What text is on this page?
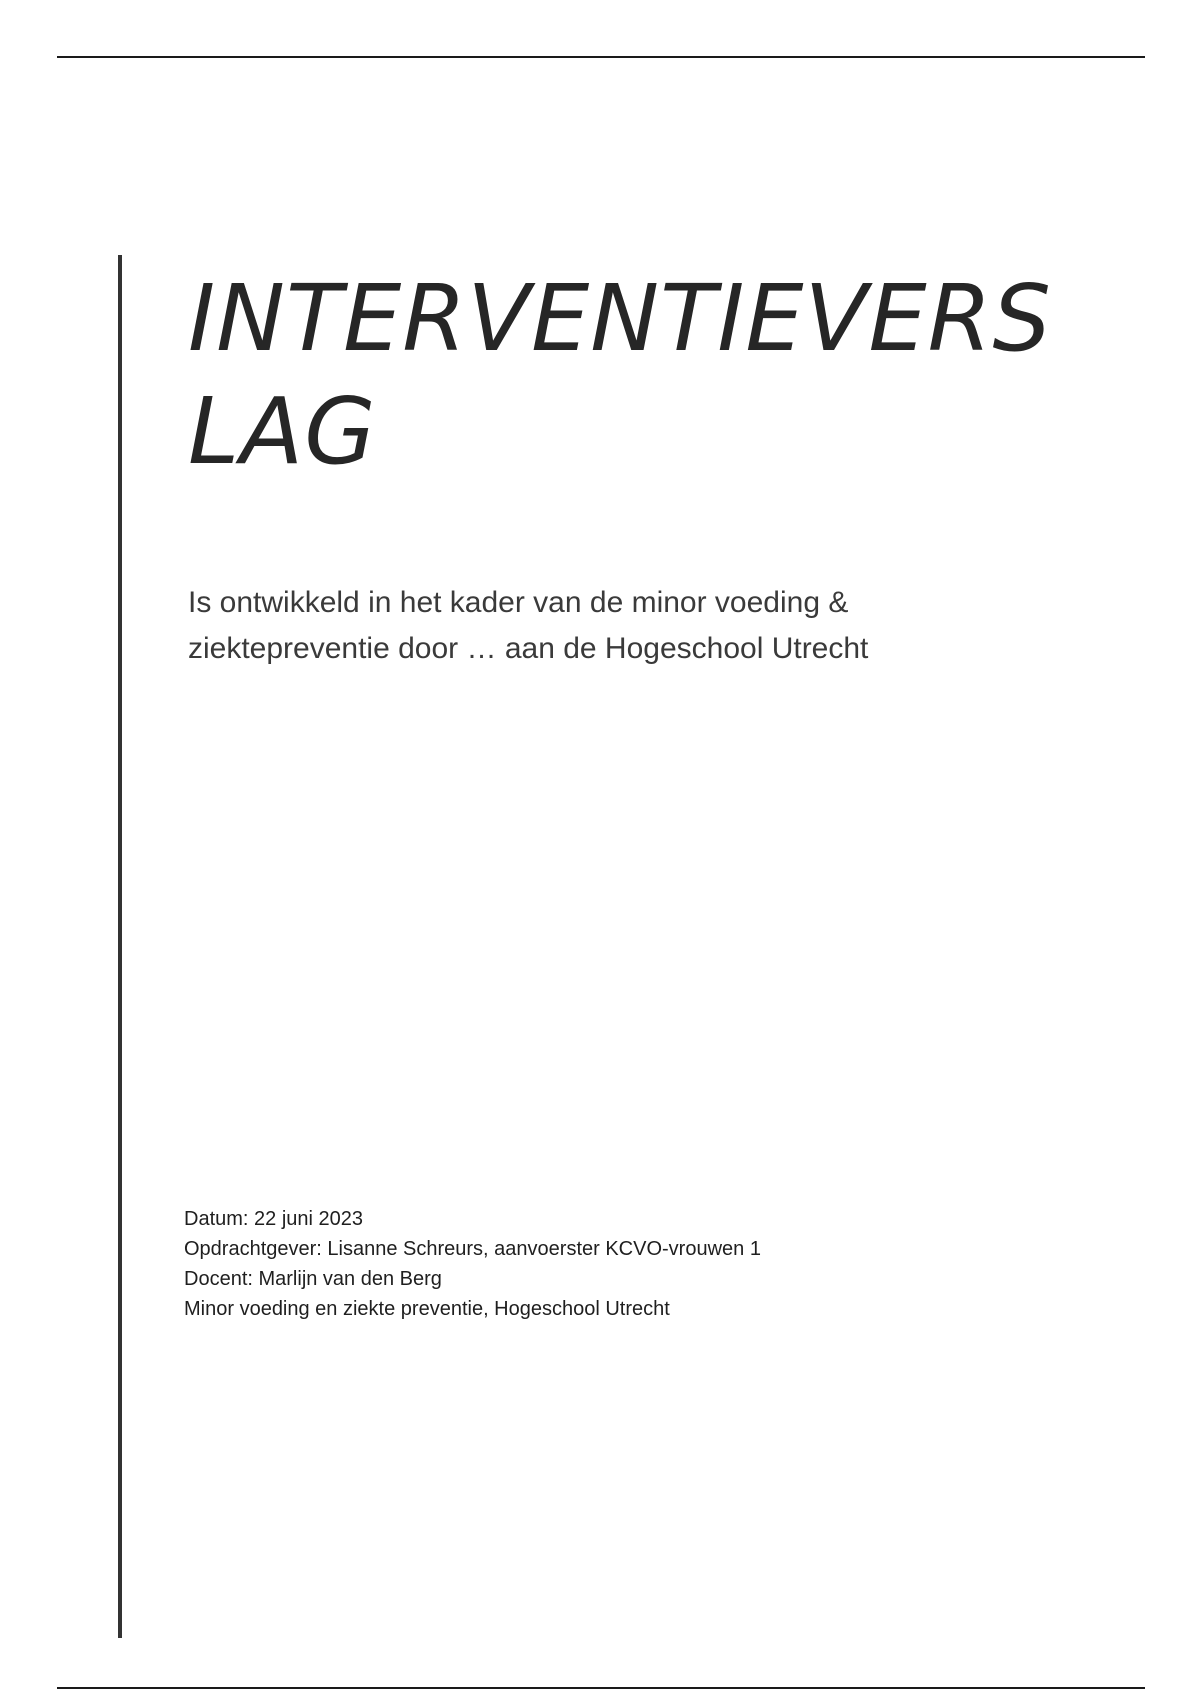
INTERVENTIEVERS
LAG

Is ontwikkeld in het kader van de minor voeding &
ziektepreventie door … aan de Hogeschool Utrecht

Datum: 22 juni 2023
Opdrachtgever: Lisanne Schreurs, aanvoerster KCVO-vrouwen 1
Docent: Marlijn van den Berg
Minor voeding en ziekte preventie, Hogeschool Utrecht
